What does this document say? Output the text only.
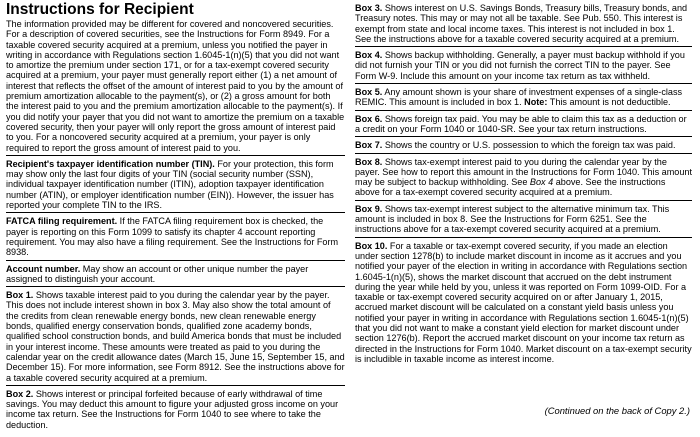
Instructions for Recipient

The information provided may be different for covered and noncovered securities. For a description of covered securities, see the Instructions for Form 8949. For a taxable covered security acquired at a premium, unless you notified the payer in writing in accordance with Regulations section 1.6045-1(n)(5) that you did not want to amortize the premium under section 171, or for a tax-exempt covered security acquired at a premium, your payer must generally report either (1) a net amount of interest that reflects the offset of the amount of interest paid to you by the amount of premium amortization allocable to the payment(s), or (2) a gross amount for both the interest paid to you and the premium amortization allocable to the payment(s). If you did notify your payer that you did not want to amortize the premium on a taxable covered security, then your payer will only report the gross amount of interest paid to you. For a noncovered security acquired at a premium, your payer is only required to report the gross amount of interest paid to you.

Recipient's taxpayer identification number (TIN). For your protection, this form may show only the last four digits of your TIN (social security number (SSN), individual taxpayer identification number (ITIN), adoption taxpayer identification number (ATIN), or employer identification number (EIN)). However, the issuer has reported your complete TIN to the IRS.

FATCA filing requirement. If the FATCA filing requirement box is checked, the payer is reporting on this Form 1099 to satisfy its chapter 4 account reporting requirement. You may also have a filing requirement. See the Instructions for Form 8938.

Account number. May show an account or other unique number the payer assigned to distinguish your account.

Box 1. Shows taxable interest paid to you during the calendar year by the payer. This does not include interest shown in box 3. May also show the total amount of the credits from clean renewable energy bonds, new clean renewable energy bonds, qualified energy conservation bonds, qualified zone academy bonds, qualified school construction bonds, and build America bonds that must be included in your interest income. These amounts were treated as paid to you during the calendar year on the credit allowance dates (March 15, June 15, September 15, and December 15). For more information, see Form 8912. See the instructions above for a taxable covered security acquired at a premium.

Box 2. Shows interest or principal forfeited because of early withdrawal of time savings. You may deduct this amount to figure your adjusted gross income on your income tax return. See the Instructions for Form 1040 to see where to take the deduction.

Box 3. Shows interest on U.S. Savings Bonds, Treasury bills, Treasury bonds, and Treasury notes. This may or may not all be taxable. See Pub. 550. This interest is exempt from state and local income taxes. This interest is not included in box 1. See the instructions above for a taxable covered security acquired at a premium.

Box 4. Shows backup withholding. Generally, a payer must backup withhold if you did not furnish your TIN or you did not furnish the correct TIN to the payer. See Form W-9. Include this amount on your income tax return as tax withheld.

Box 5. Any amount shown is your share of investment expenses of a single-class REMIC. This amount is included in box 1. Note: This amount is not deductible.

Box 6. Shows foreign tax paid. You may be able to claim this tax as a deduction or a credit on your Form 1040 or 1040-SR. See your tax return instructions.

Box 7. Shows the country or U.S. possession to which the foreign tax was paid.

Box 8. Shows tax-exempt interest paid to you during the calendar year by the payer. See how to report this amount in the Instructions for Form 1040. This amount may be subject to backup withholding. See Box 4 above. See the instructions above for a tax-exempt covered security acquired at a premium.

Box 9. Shows tax-exempt interest subject to the alternative minimum tax. This amount is included in box 8. See the Instructions for Form 6251. See the instructions above for a tax-exempt covered security acquired at a premium.

Box 10. For a taxable or tax-exempt covered security, if you made an election under section 1278(b) to include market discount in income as it accrues and you notified your payer of the election in writing in accordance with Regulations section 1.6045-1(n)(5), shows the market discount that accrued on the debt instrument during the year while held by you, unless it was reported on Form 1099-OID. For a taxable or tax-exempt covered security acquired on or after January 1, 2015, accrued market discount will be calculated on a constant yield basis unless you notified your payer in writing in accordance with Regulations section 1.6045-1(n)(5) that you did not want to make a constant yield election for market discount under section 1276(b). Report the accrued market discount on your income tax return as directed in the Instructions for Form 1040. Market discount on a tax-exempt security is includible in taxable income as interest income.

(Continued on the back of Copy 2.)
